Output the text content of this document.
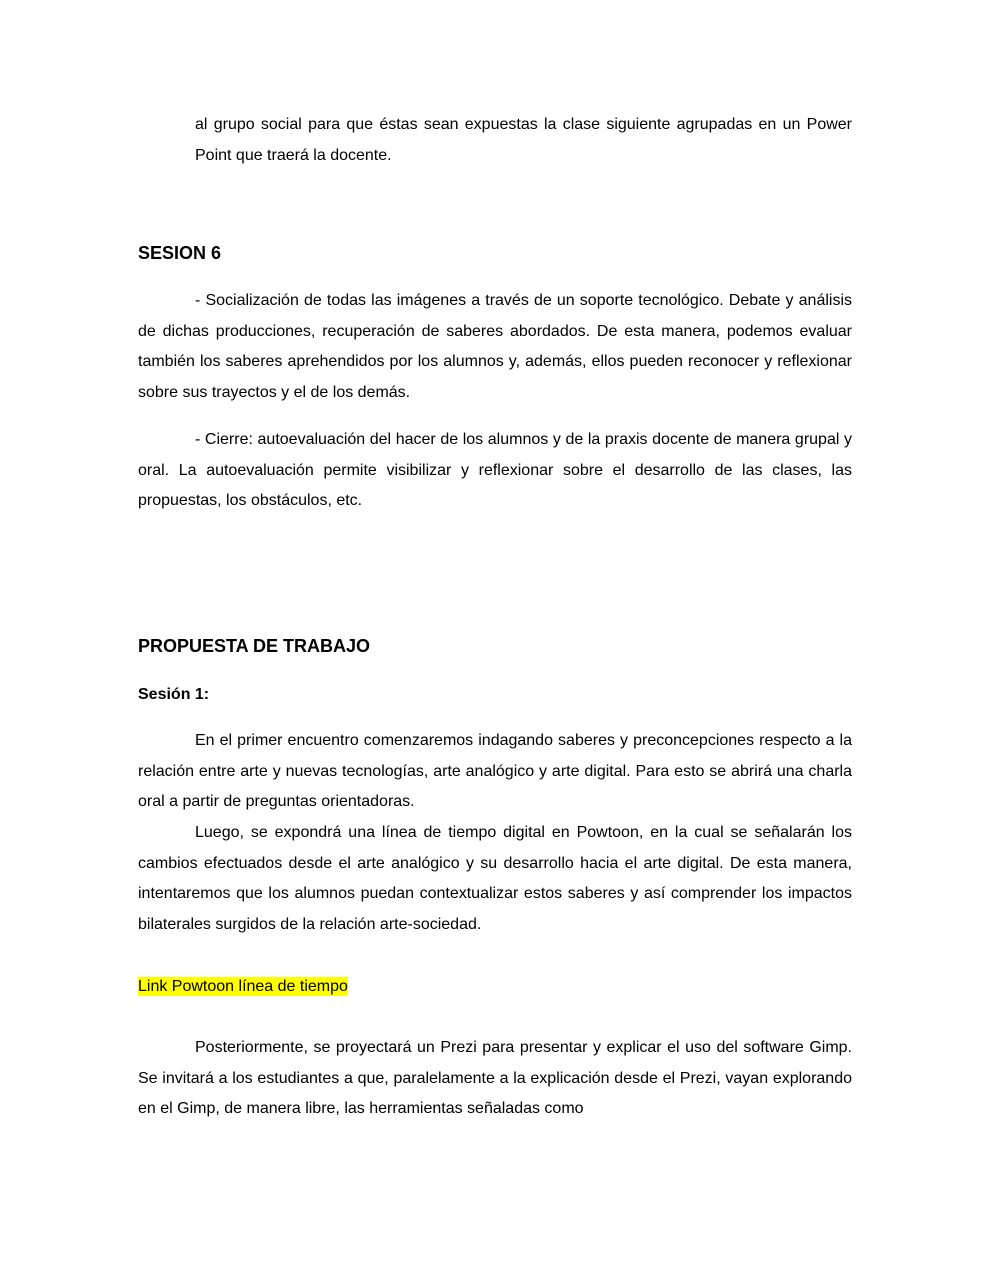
al grupo social para que éstas sean expuestas la clase siguiente agrupadas en un Power Point que traerá la docente.

SESION 6

- Socialización de todas las imágenes a través de un soporte tecnológico. Debate y análisis de dichas producciones, recuperación de saberes abordados. De esta manera, podemos evaluar también los saberes aprehendidos por los alumnos y, además, ellos pueden reconocer y reflexionar sobre sus trayectos y el de los demás.

- Cierre: autoevaluación del hacer de los alumnos y de la praxis docente de manera grupal y oral. La autoevaluación permite visibilizar y reflexionar sobre el desarrollo de las clases, las propuestas, los obstáculos, etc.

PROPUESTA DE TRABAJO
Sesión 1:

En el primer encuentro comenzaremos indagando saberes y preconcepciones respecto a la relación entre arte y nuevas tecnologías, arte analógico y arte digital. Para esto se abrirá una charla oral a partir de preguntas orientadoras.

Luego, se expondrá una línea de tiempo digital en Powtoon, en la cual se señalarán los cambios efectuados desde el arte analógico y su desarrollo hacia el arte digital. De esta manera, intentaremos que los alumnos puedan contextualizar estos saberes y así comprender los impactos bilaterales surgidos de la relación arte-sociedad.

Link Powtoon línea de tiempo

Posteriormente, se proyectará un Prezi para presentar y explicar el uso del software Gimp. Se invitará a los estudiantes a que, paralelamente a la explicación desde el Prezi, vayan explorando en el Gimp, de manera libre, las herramientas señaladas como
